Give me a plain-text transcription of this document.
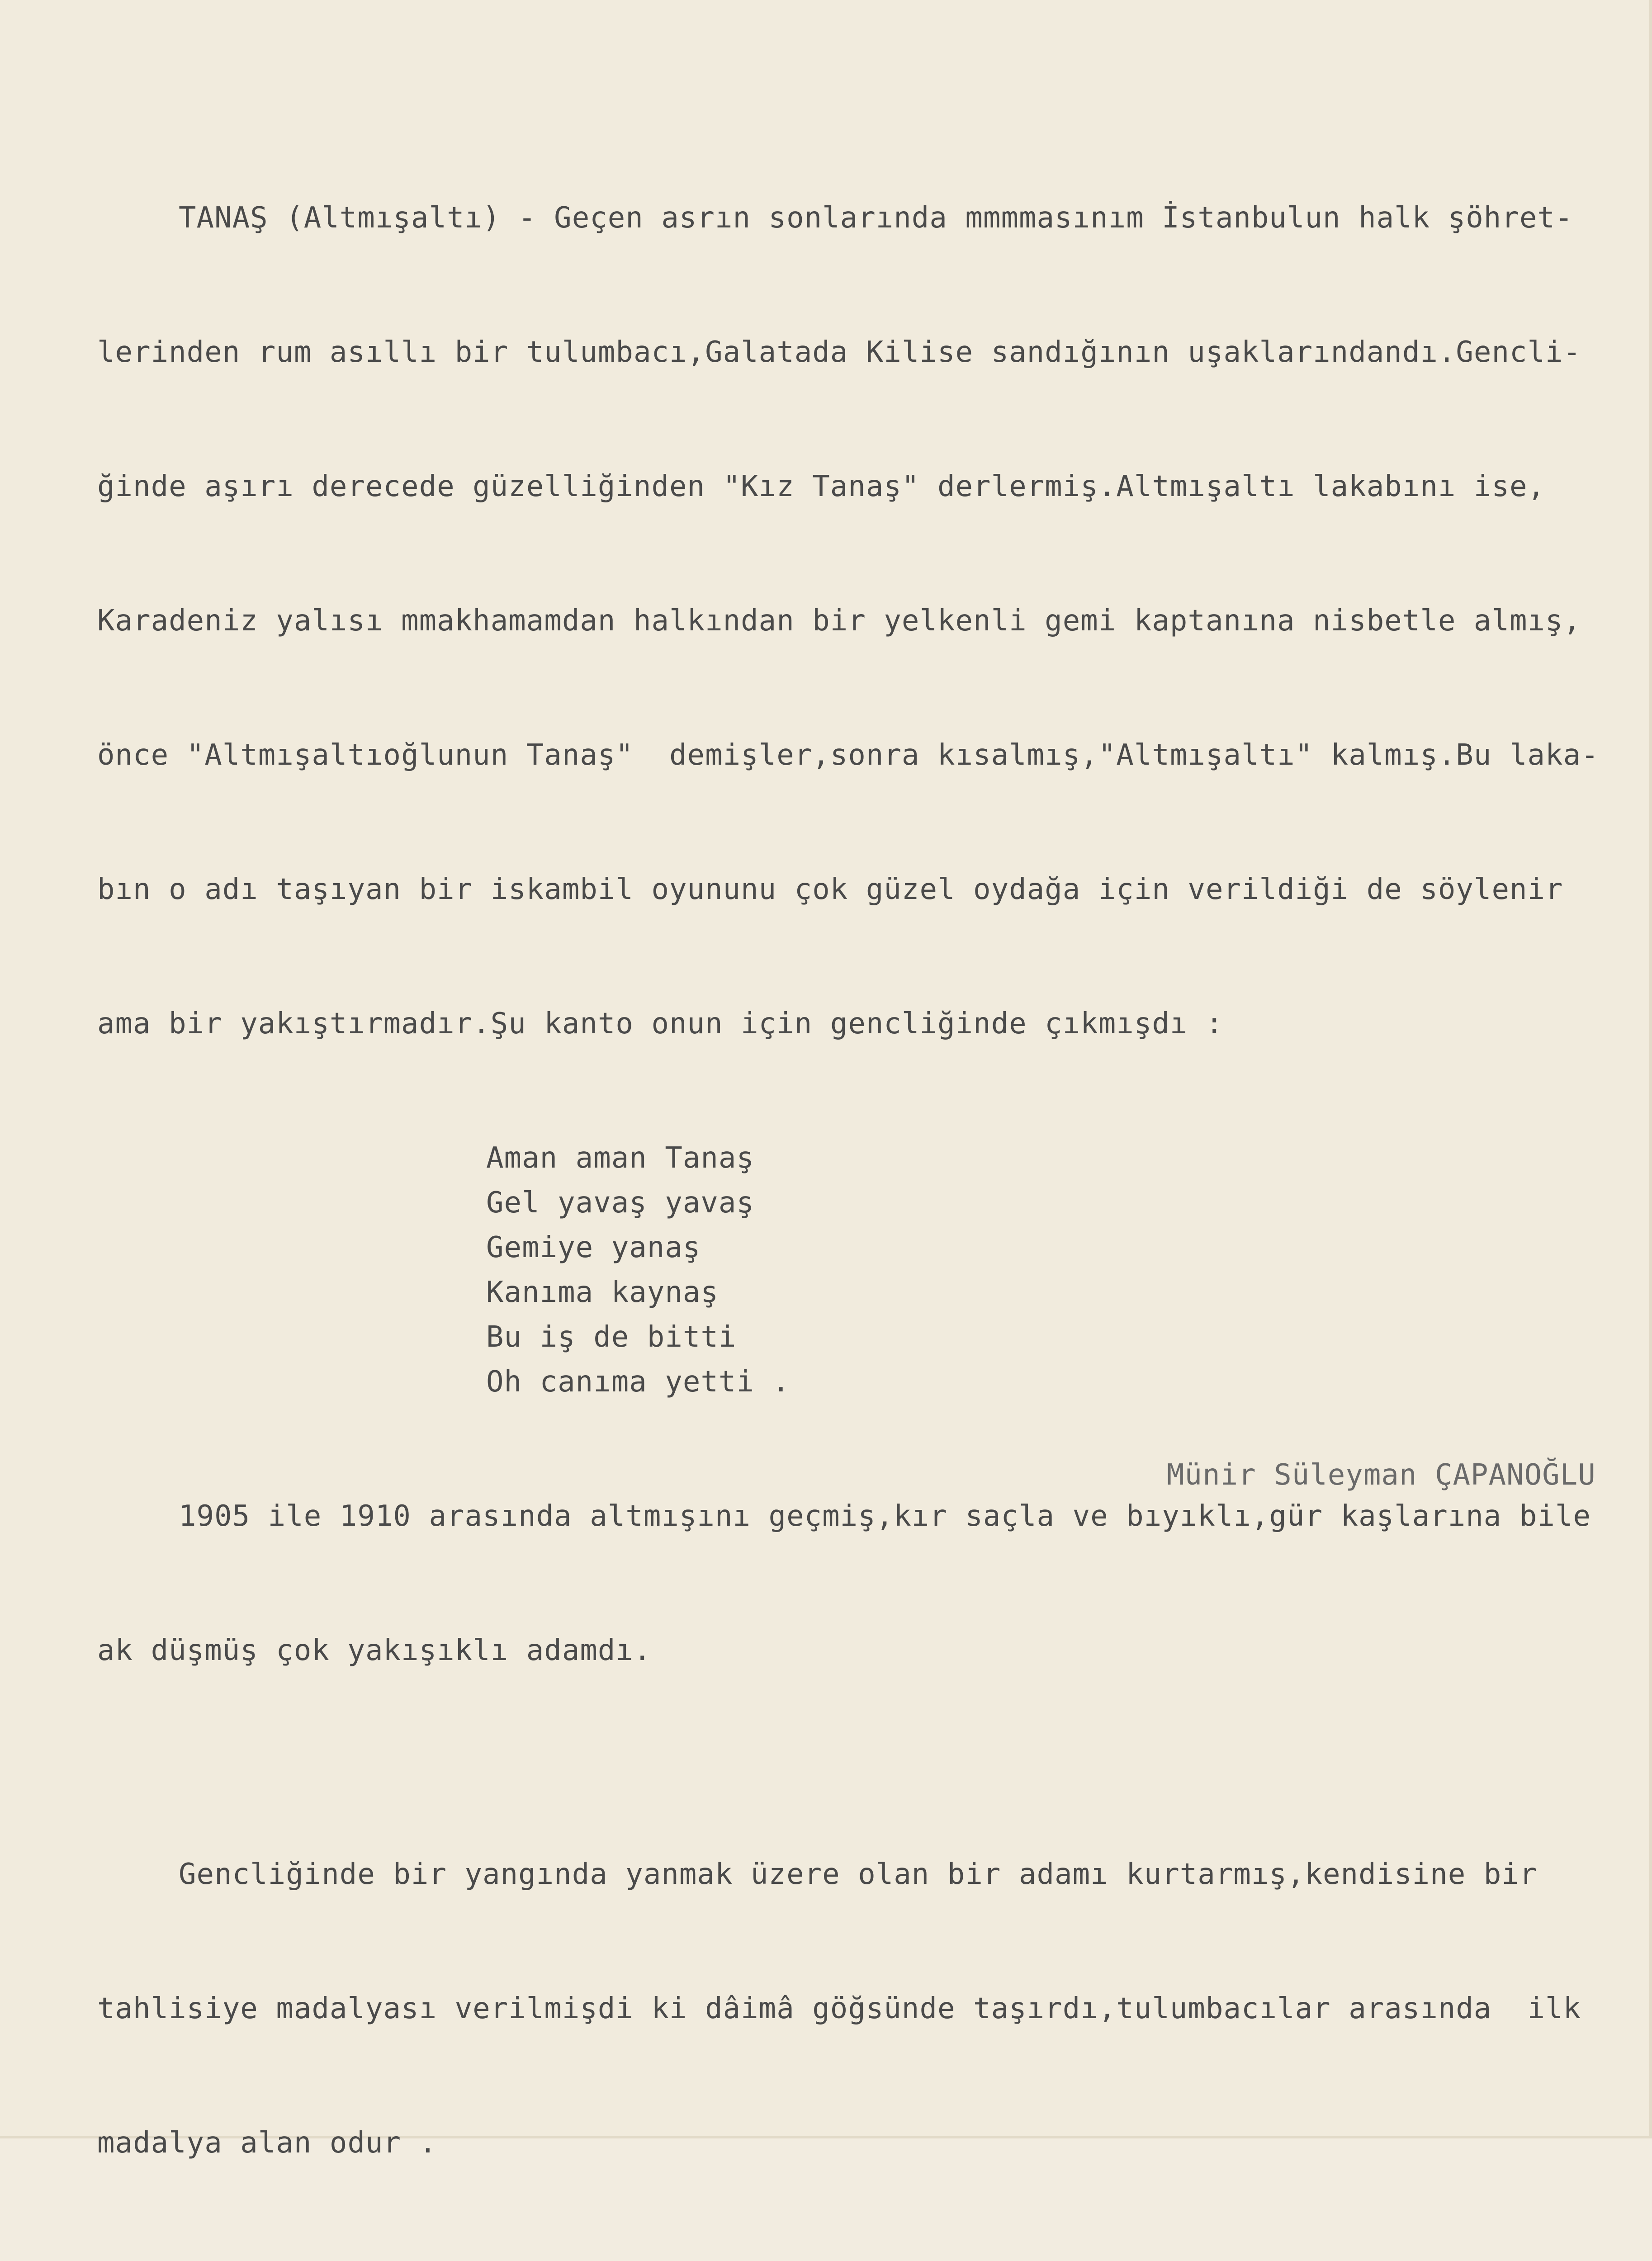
TANAŞ (Altmışaltı) - Geçen asrın sonlarında mmmmasınım İstanbulun halk şöhret-

lerinden rum asıllı bir tulumbacı,Galatada Kilise sandığının uşaklarındandı.Gencli-

ğinde aşırı derecede güzelliğinden "Kız Tanaş" derlermiş.Altmışaltı lakabını ise,

Karadeniz yalısı mmakhamamdan halkından bir yelkenli gemi kaptanına nisbetle almış,

önce "Altmışaltıoğlunun Tanaş"  demişler,sonra kısalmış,"Altmışaltı" kalmış.Bu laka-

bın o adı taşıyan bir iskambil oyununu çok güzel oydağa için verildiği de söylenir

ama bir yakıştırmadır.Şu kanto onun için gencliğinde çıkmışdı :

Aman aman Tanaş
Gel yavaş yavaş
Gemiye yanaş
Kanıma kaynaş
Bu iş de bitti
Oh canıma yetti .

1905 ile 1910 arasında altmışını geçmiş,kır saçla ve bıyıklı,gür kaşlarına bile

ak düşmüş çok yakışıklı adamdı.

Gencliğinde bir yangında yanmak üzere olan bir adamı kurtarmış,kendisine bir

tahlisiye madalyası verilmişdi ki dâimâ göğsünde taşırdı,tulumbacılar arasında  ilk

madalya alan odur .

Münir Süleyman ÇAPANOĞLU
